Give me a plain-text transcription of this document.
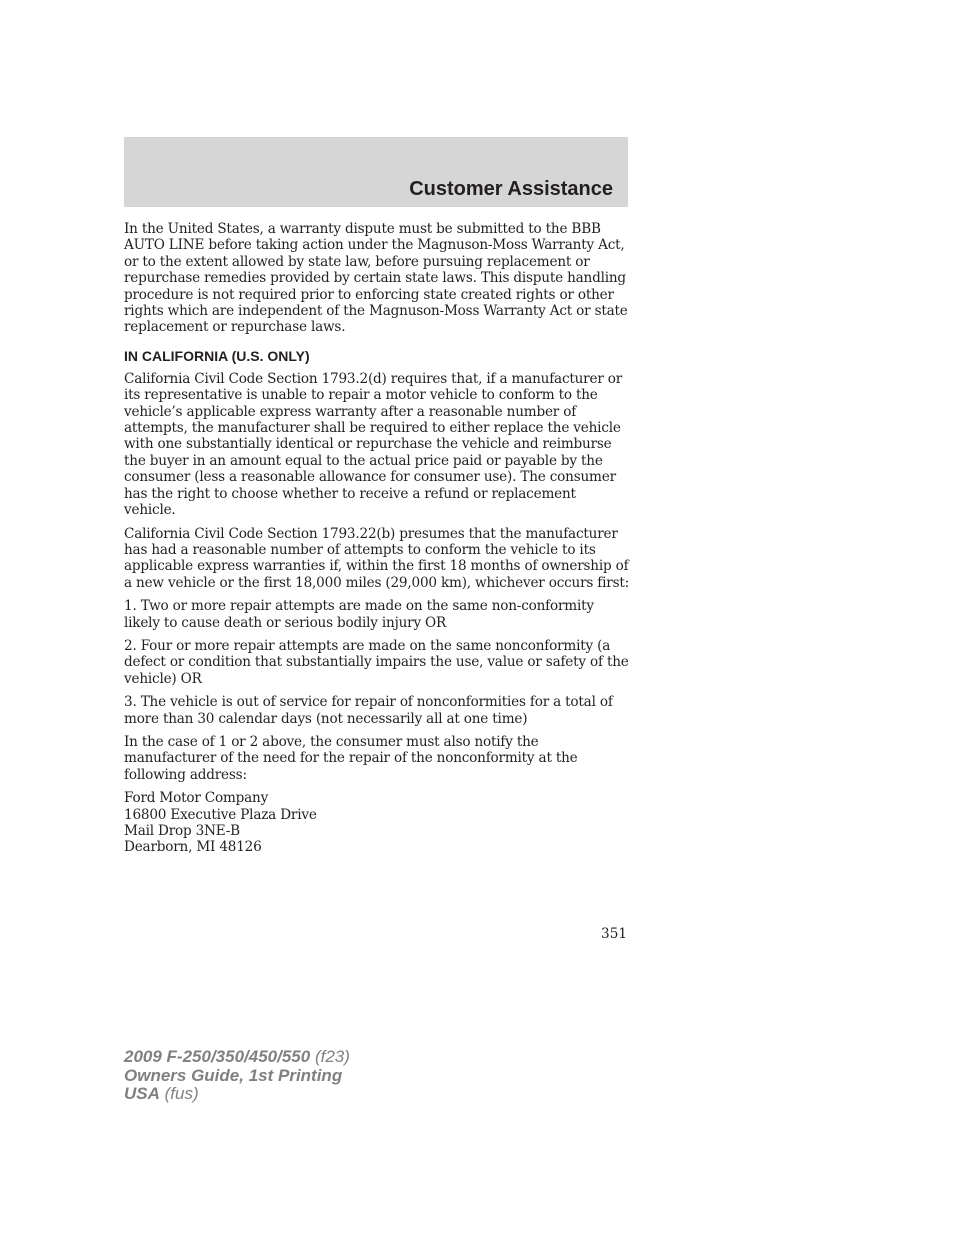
Customer Assistance

In the United States, a warranty dispute must be submitted to the BBB AUTO LINE before taking action under the Magnuson-Moss Warranty Act, or to the extent allowed by state law, before pursuing replacement or repurchase remedies provided by certain state laws. This dispute handling procedure is not required prior to enforcing state created rights or other rights which are independent of the Magnuson-Moss Warranty Act or state replacement or repurchase laws.

IN CALIFORNIA (U.S. ONLY)

California Civil Code Section 1793.2(d) requires that, if a manufacturer or its representative is unable to repair a motor vehicle to conform to the vehicle’s applicable express warranty after a reasonable number of attempts, the manufacturer shall be required to either replace the vehicle with one substantially identical or repurchase the vehicle and reimburse the buyer in an amount equal to the actual price paid or payable by the consumer (less a reasonable allowance for consumer use). The consumer has the right to choose whether to receive a refund or replacement vehicle.

California Civil Code Section 1793.22(b) presumes that the manufacturer has had a reasonable number of attempts to conform the vehicle to its applicable express warranties if, within the first 18 months of ownership of a new vehicle or the first 18,000 miles (29,000 km), whichever occurs first:

1. Two or more repair attempts are made on the same non-conformity likely to cause death or serious bodily injury OR

2. Four or more repair attempts are made on the same nonconformity (a defect or condition that substantially impairs the use, value or safety of the vehicle) OR

3. The vehicle is out of service for repair of nonconformities for a total of more than 30 calendar days (not necessarily all at one time)

In the case of 1 or 2 above, the consumer must also notify the manufacturer of the need for the repair of the nonconformity at the following address:

Ford Motor Company
16800 Executive Plaza Drive
Mail Drop 3NE-B
Dearborn, MI 48126
351
2009 F-250/350/450/550 (f23)
Owners Guide, 1st Printing
USA (fus)
